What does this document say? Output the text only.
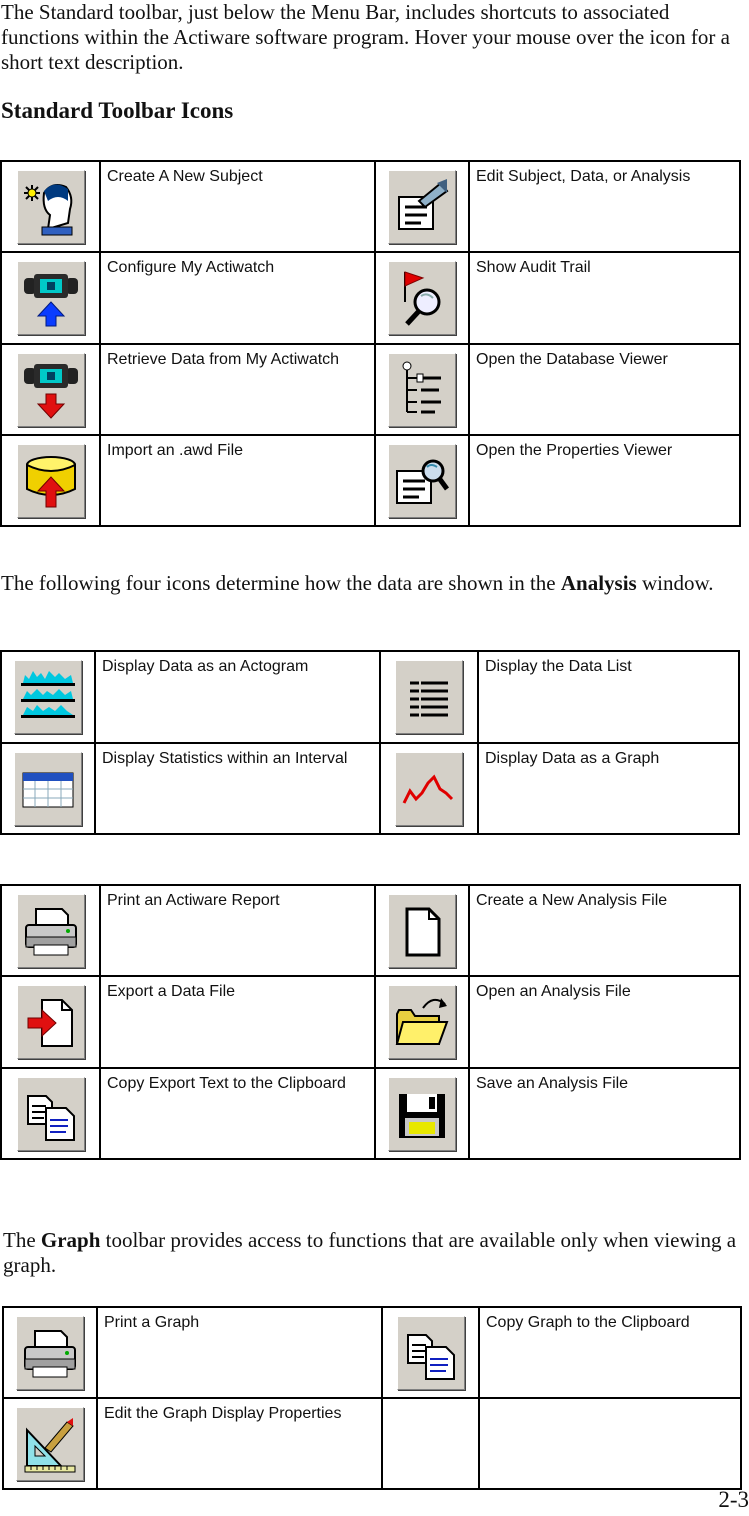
The Standard toolbar, just below the Menu Bar, includes shortcuts to associated functions within the Actiware software program. Hover your mouse over the icon for a short text description.

Standard Toolbar Icons
	Create A New Subject		Edit Subject, Data, or Analysis

	Configure My Actiwatch		Show Audit Trail

	Retrieve Data from My Actiwatch		Open the Database Viewer

	Import an .awd File		Open the Properties Viewer

The following four icons determine how the data are shown in the Analysis window.

	Display Data as an Actogram		Display the Data List

	Display Statistics within an Interval		Display Data as a Graph
	Print an Actiware Report		Create a New Analysis File

	Export a Data File		Open an Analysis File

	Copy Export Text to the Clipboard		Save an Analysis File

The Graph toolbar provides access to functions that are available only when viewing a graph.

	Print a Graph		Copy Graph to the Clipboard

	Edit the Graph Display Properties		
2-3
